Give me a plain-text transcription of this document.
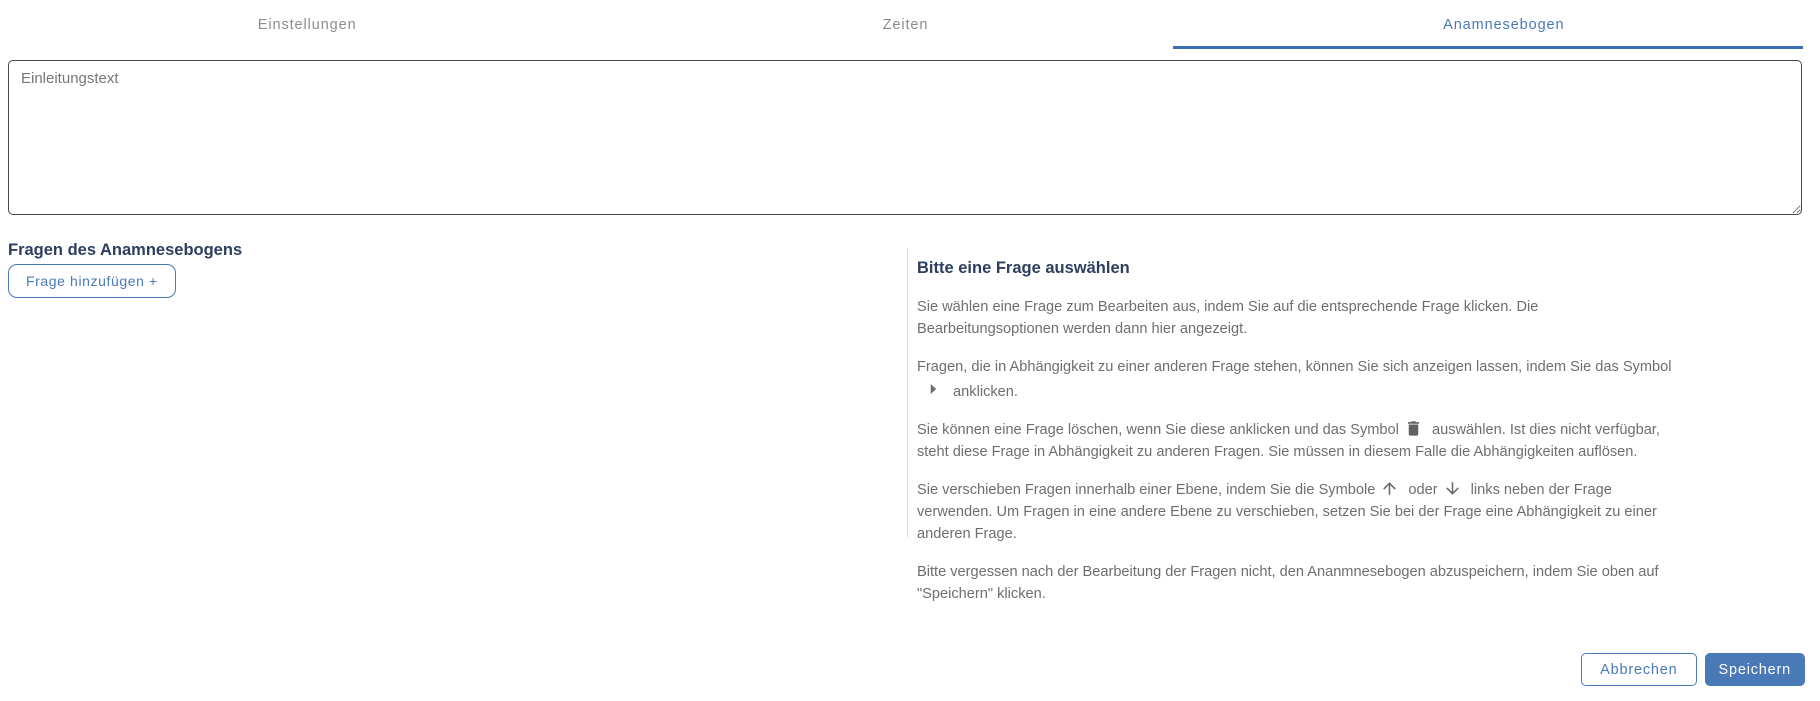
Einstellungen	Zeiten	Anamnesebogen
Einleitungstext
Fragen des Anamnesebogens
Frage hinzufügen +
Bitte eine Frage auswählen

Sie wählen eine Frage zum Bearbeiten aus, indem Sie auf die entsprechende Frage klicken. Die
Bearbeitungsoptionen werden dann hier angezeigt.

Fragen, die in Abhängigkeit zu einer anderen Frage stehen, können Sie sich anzeigen lassen, indem Sie das Symbol
anklicken.

Sie können eine Frage löschen, wenn Sie diese anklicken und das Symbol auswählen. Ist dies nicht verfügbar,
steht diese Frage in Abhängigkeit zu anderen Fragen. Sie müssen in diesem Falle die Abhängigkeiten auflösen.

Sie verschieben Fragen innerhalb einer Ebene, indem Sie die Symbole oder links neben der Frage
verwenden. Um Fragen in eine andere Ebene zu verschieben, setzen Sie bei der Frage eine Abhängigkeit zu einer
anderen Frage.

Bitte vergessen nach der Bearbeitung der Fragen nicht, den Ananmnesebogen abzuspeichern, indem Sie oben auf
"Speichern" klicken.

Abbrechen	Speichern
